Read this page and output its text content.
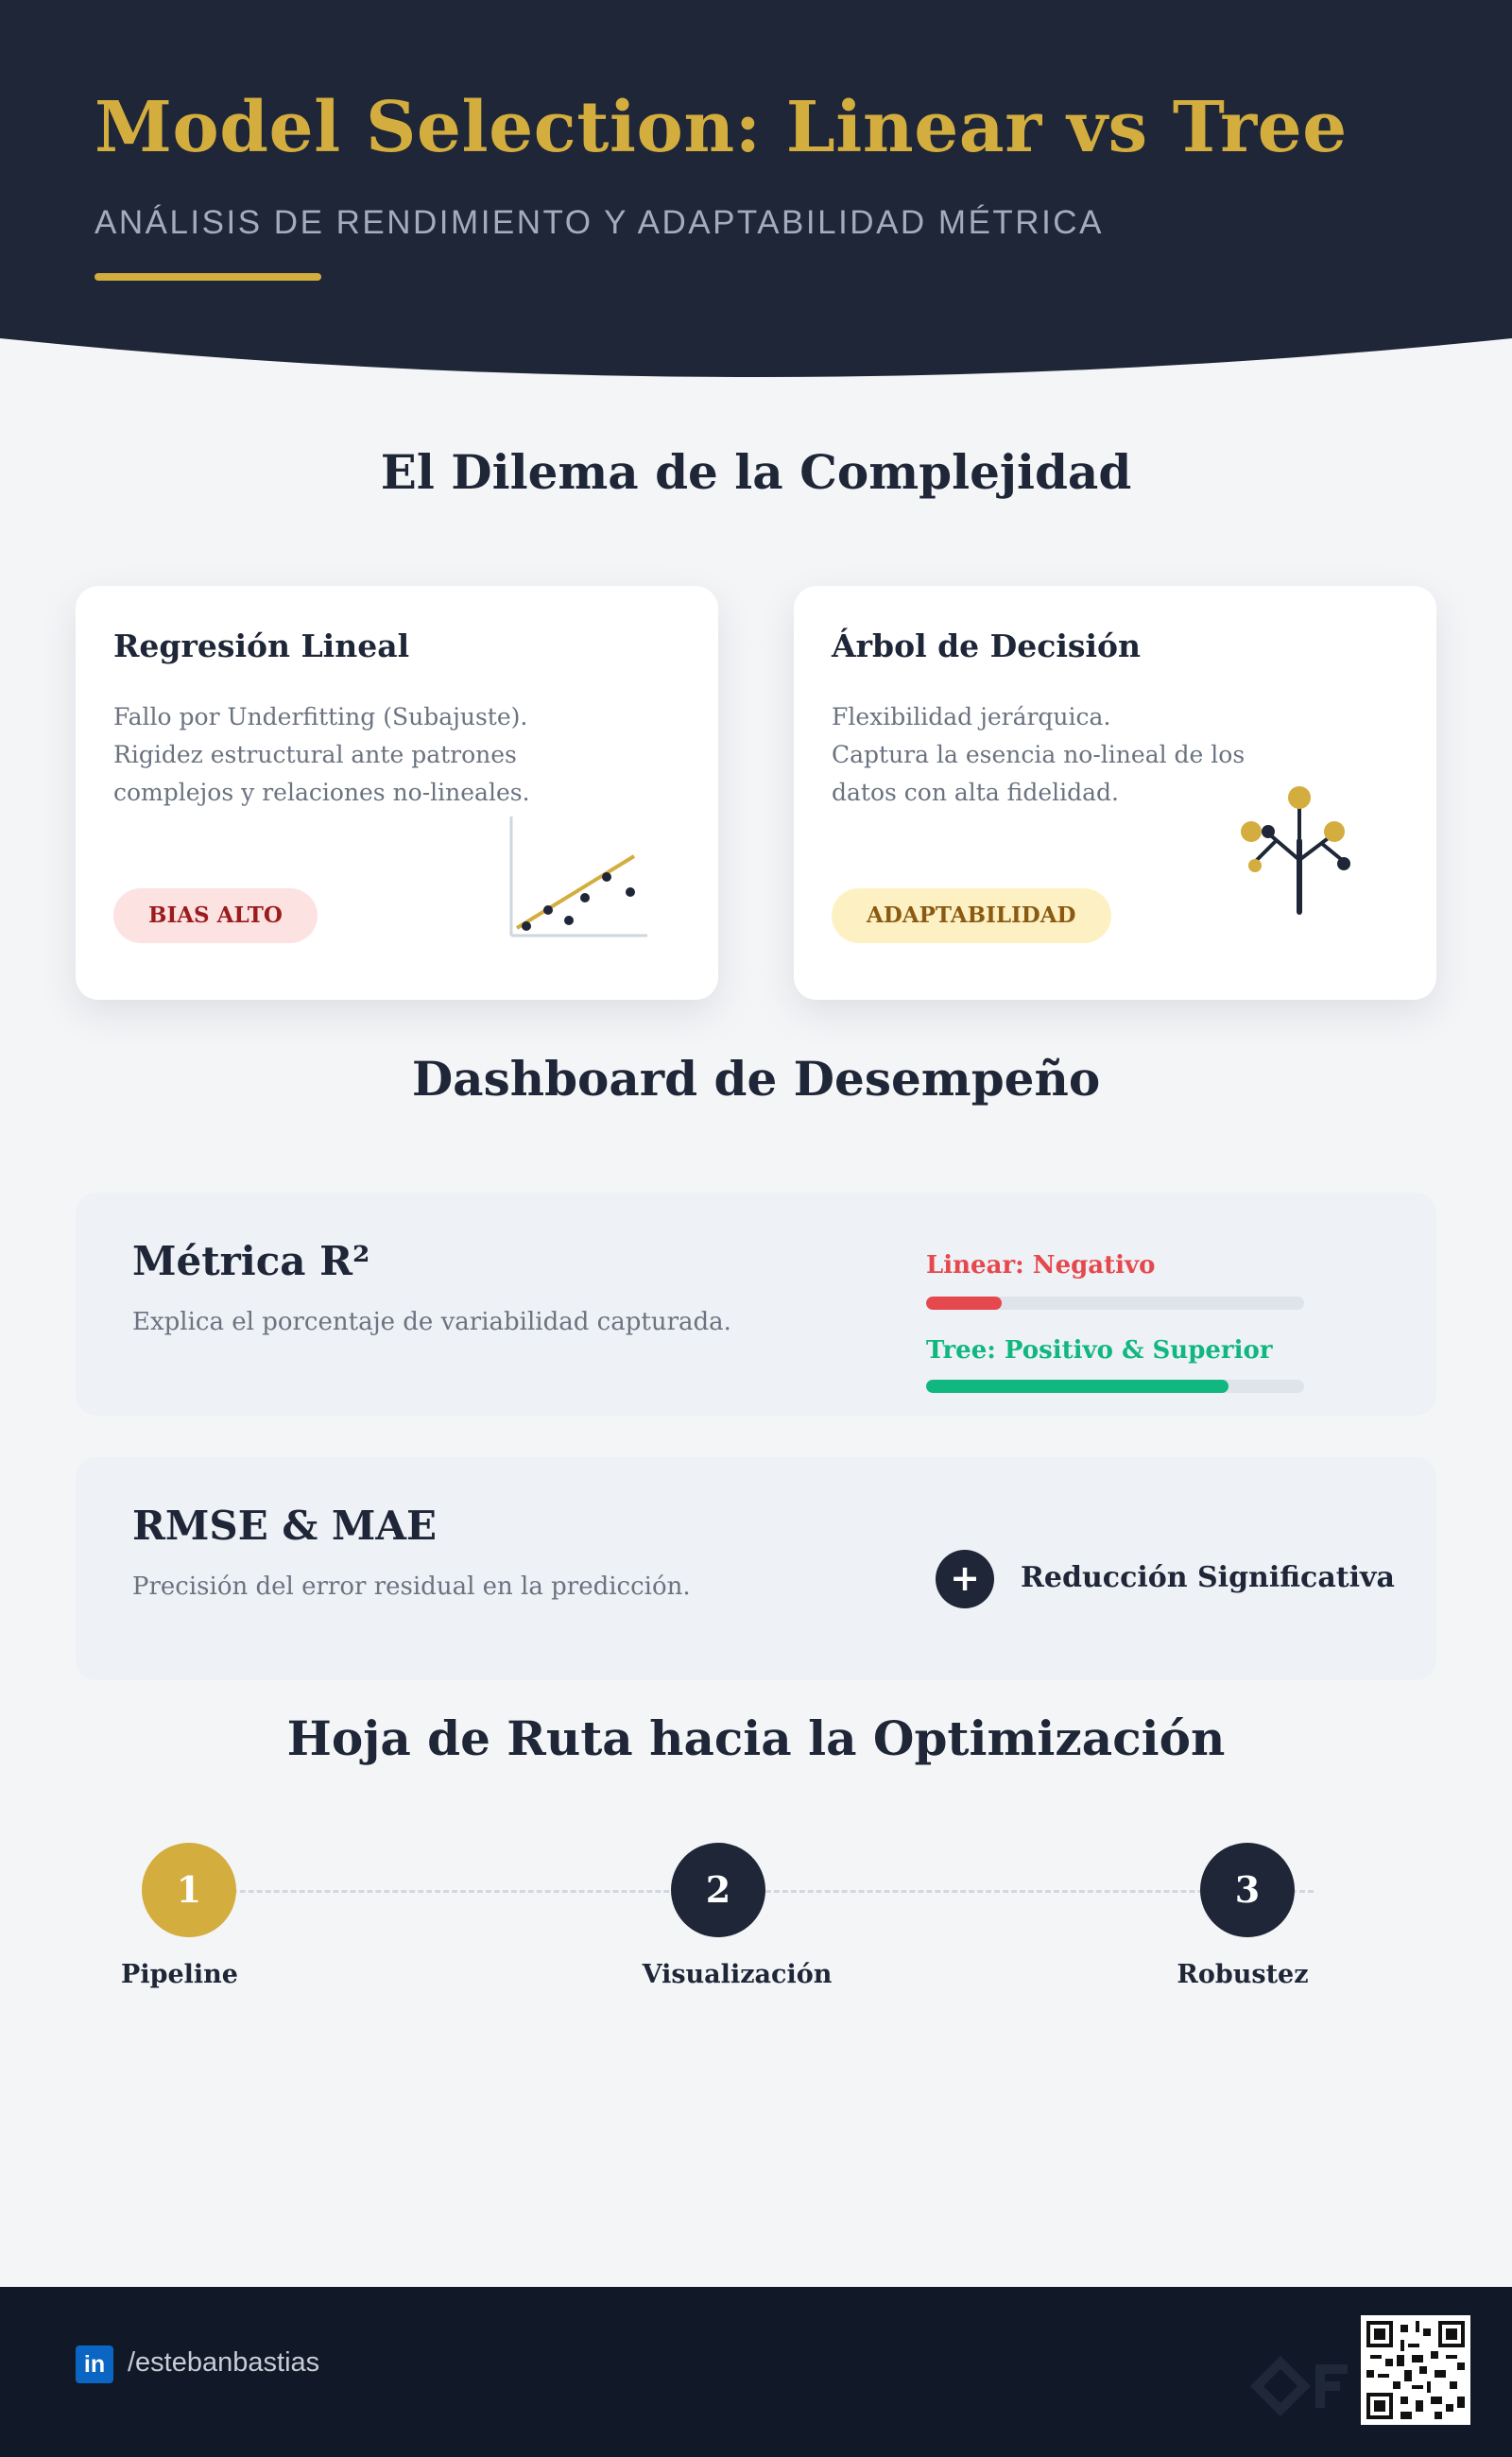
Model Selection: Linear vs Tree
ANÁLISIS DE RENDIMIENTO Y ADAPTABILIDAD MÉTRICA
El Dilema de la Complejidad
Regresión Lineal
Fallo por Underfitting (Subajuste).
Rigidez estructural ante patrones
complejos y relaciones no-lineales.
BIAS ALTO
Árbol de Decisión
Flexibilidad jerárquica.
Captura la esencia no-lineal de los
datos con alta fidelidad.
ADAPTABILIDAD
Dashboard de Desempeño
Métrica R²
Explica el porcentaje de variabilidad capturada.
Linear: Negativo
Tree: Positivo & Superior
RMSE & MAE
Precisión del error residual en la predicción.	+	Reducción Significativa
Hoja de Ruta hacia la Optimización
1	2	3
Pipeline	Visualización	Robustez
in /estebanbastias
